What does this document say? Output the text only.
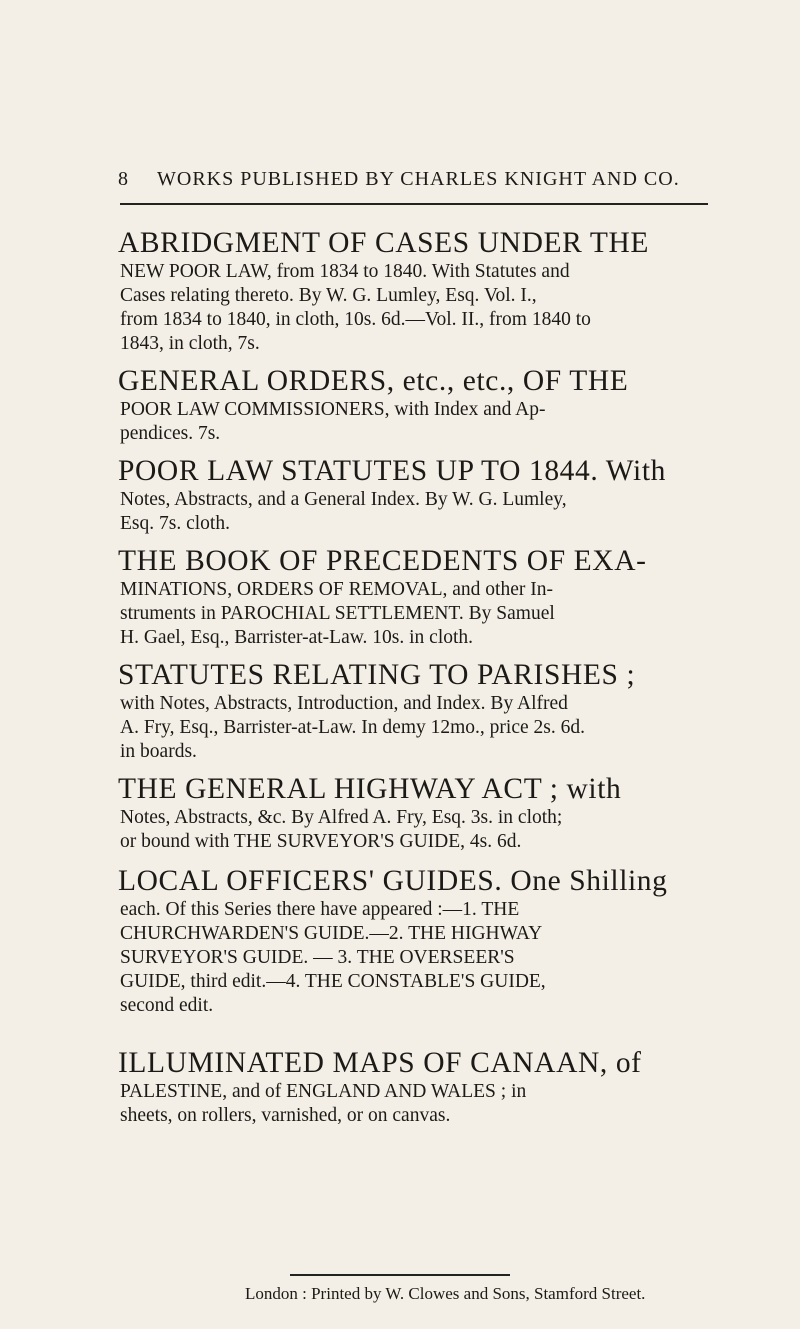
8 WORKS PUBLISHED BY CHARLES KNIGHT AND CO.
ABRIDGMENT OF CASES UNDER THE
NEW POOR LAW, from 1834 to 1840. With Statutes and
Cases relating thereto. By W. G. Lumley, Esq. Vol. I.,
from 1834 to 1840, in cloth, 10s. 6d.—Vol. II., from 1840 to
1843, in cloth, 7s.
GENERAL ORDERS, etc., etc., OF THE
POOR LAW COMMISSIONERS, with Index and Ap-
pendices. 7s.
POOR LAW STATUTES UP TO 1844. With
Notes, Abstracts, and a General Index. By W. G. Lumley,
Esq. 7s. cloth.
THE BOOK OF PRECEDENTS OF EXA-
MINATIONS, ORDERS OF REMOVAL, and other In-
struments in PAROCHIAL SETTLEMENT. By Samuel
H. Gael, Esq., Barrister-at-Law. 10s. in cloth.
STATUTES RELATING TO PARISHES ;
with Notes, Abstracts, Introduction, and Index. By Alfred
A. Fry, Esq., Barrister-at-Law. In demy 12mo., price 2s. 6d.
in boards.
THE GENERAL HIGHWAY ACT ; with
Notes, Abstracts, &c. By Alfred A. Fry, Esq. 3s. in cloth;
or bound with THE SURVEYOR'S GUIDE, 4s. 6d.
LOCAL OFFICERS' GUIDES. One Shilling
each. Of this Series there have appeared :—1. THE
CHURCHWARDEN'S GUIDE.—2. THE HIGHWAY
SURVEYOR'S GUIDE. — 3. THE OVERSEER'S
GUIDE, third edit.—4. THE CONSTABLE'S GUIDE,
second edit.
ILLUMINATED MAPS OF CANAAN, of
PALESTINE, and of ENGLAND AND WALES ; in
sheets, on rollers, varnished, or on canvas.
London : Printed by W. Clowes and Sons, Stamford Street.
